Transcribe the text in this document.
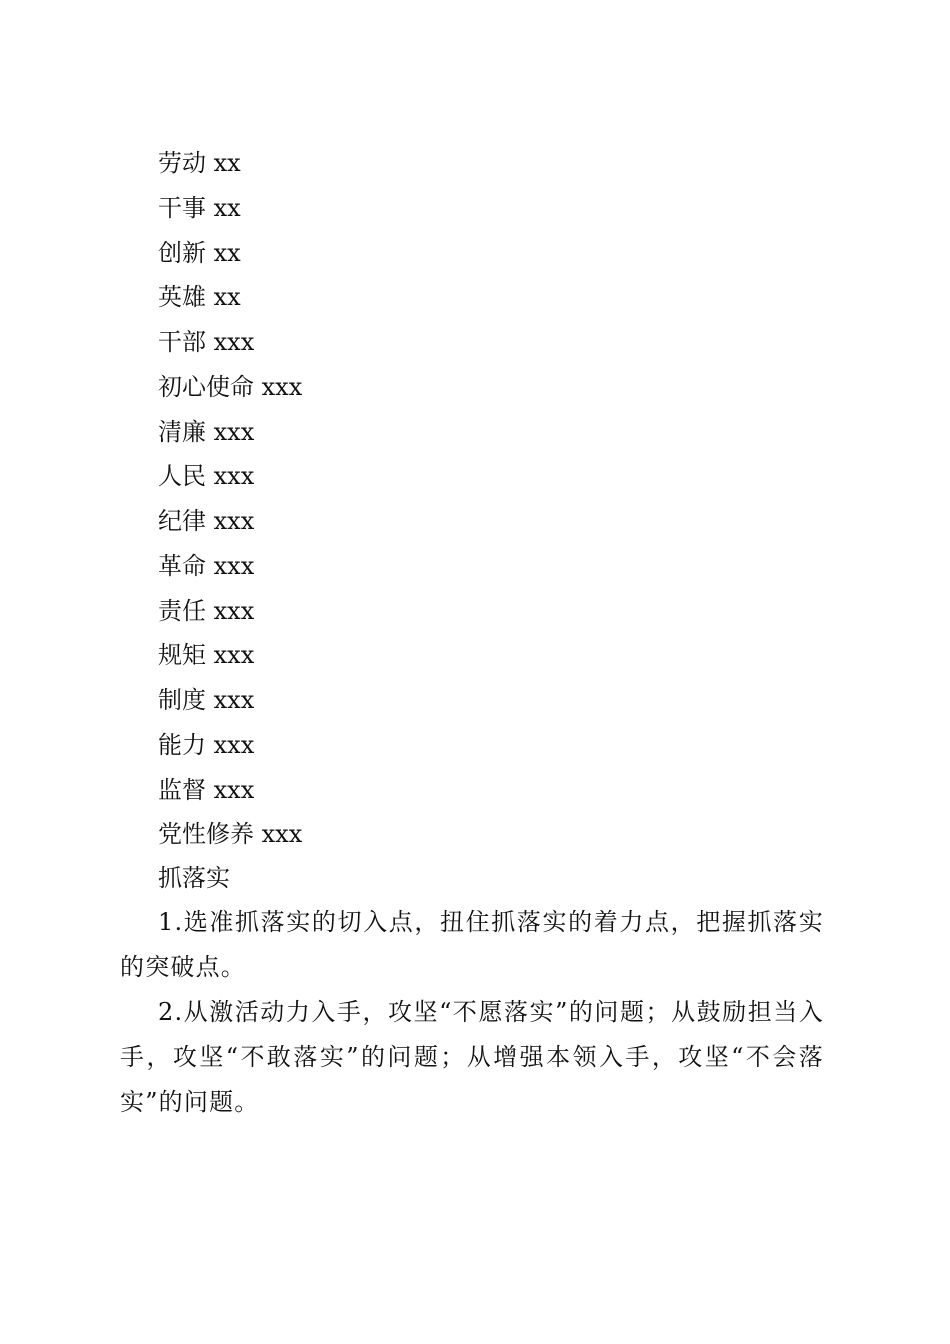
劳动 xx
干事 xx
创新 xx
英雄 xx
干部 xxx
初心使命 xxx
清廉 xxx
人民 xxx
纪律 xxx
革命 xxx
责任 xxx
规矩 xxx
制度 xxx
能力 xxx
监督 xxx
党性修养 xxx
抓落实

1.选准抓落实的切入点，扭住抓落实的着力点，把握抓落实的突破点。

2.从激活动力入手，攻坚“不愿落实”的问题；从鼓励担当入手，攻坚“不敢落实”的问题；从增强本领入手，攻坚“不会落实”的问题。
